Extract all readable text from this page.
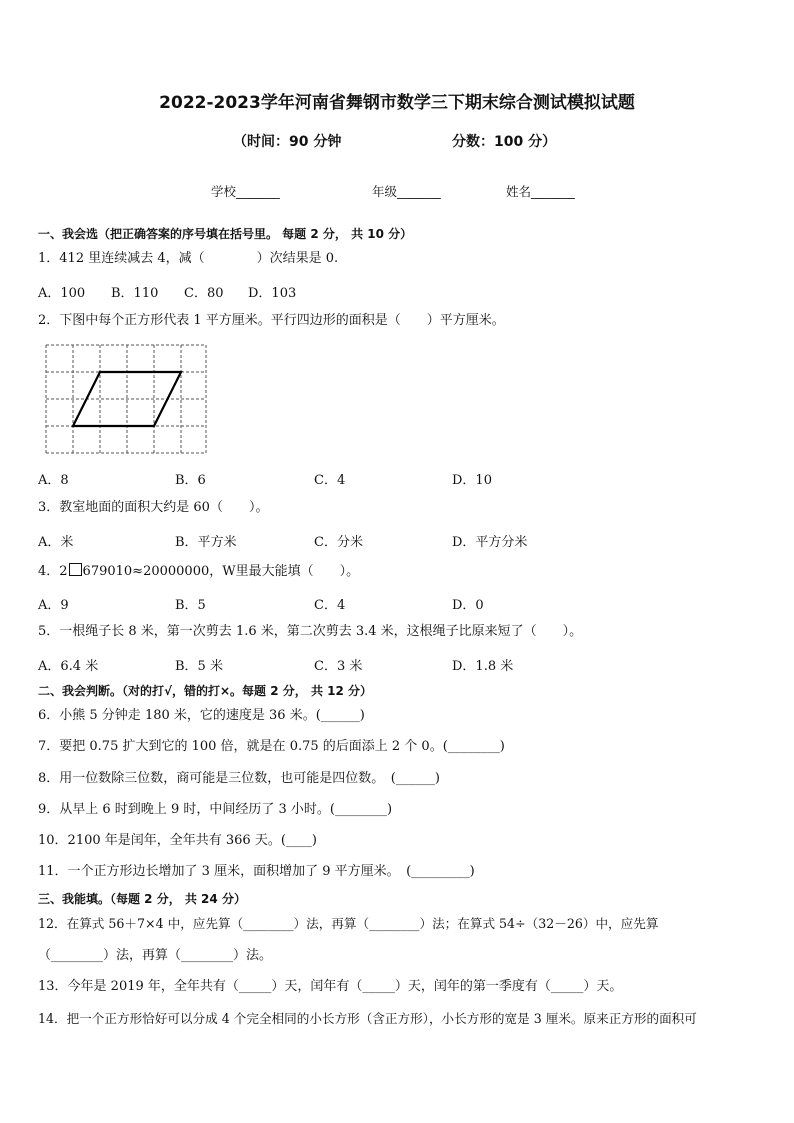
2022-2023学年河南省舞钢市数学三下期末综合测试模拟试题
（时间：90 分钟	分数：100 分）
学校_______	年级_______	姓名_______
一、我会选（把正确答案的序号填在括号里。 每题 2 分， 共 10 分）
1．412 里连续减去 4，减（　　　　）次结果是 0.
A．100 B．110 C．80 D．103
2．下图中每个正方形代表 1 平方厘米。平行四边形的面积是（　　）平方厘米。
A．8	B．6	C．4	D．10
3．教室地面的面积大约是 60（　　）。
A．米	B．平方米	C．分米	D．平方分米
4．2 679010≈20000000，W里最大能填（　　）。
A．9	B．5	C．4	D．0
5．一根绳子长 8 米，第一次剪去 1.6 米，第二次剪去 3.4 米，这根绳子比原来短了（　　）。
A．6.4 米	B．5 米	C．3 米	D．1.8 米
二、我会判断。（对的打√，错的打×。每题 2 分， 共 12 分）
6．小熊 5 分钟走 180 米，它的速度是 36 米。(______)
7．要把 0.75 扩大到它的 100 倍，就是在 0.75 的后面添上 2 个 0。(________)
8．用一位数除三位数，商可能是三位数，也可能是四位数。　(______)
9．从早上 6 时到晚上 9 时，中间经历了 3 小时。(________)
10．2100 年是闰年，全年共有 366 天。(____)
11．一个正方形边长增加了 3 厘米，面积增加了 9 平方厘米。　(_________)
三、我能填。（每题 2 分， 共 24 分）
12．在算式 56＋7×4 中，应先算（________）法，再算（________）法；在算式 54÷（32－26）中，应先算
（________）法，再算（________）法。
13．今年是 2019 年，全年共有（_____）天，闰年有（_____）天，闰年的第一季度有（_____）天。
14．把一个正方形恰好可以分成 4 个完全相同的小长方形（含正方形），小长方形的宽是 3 厘米。原来正方形的面积可
